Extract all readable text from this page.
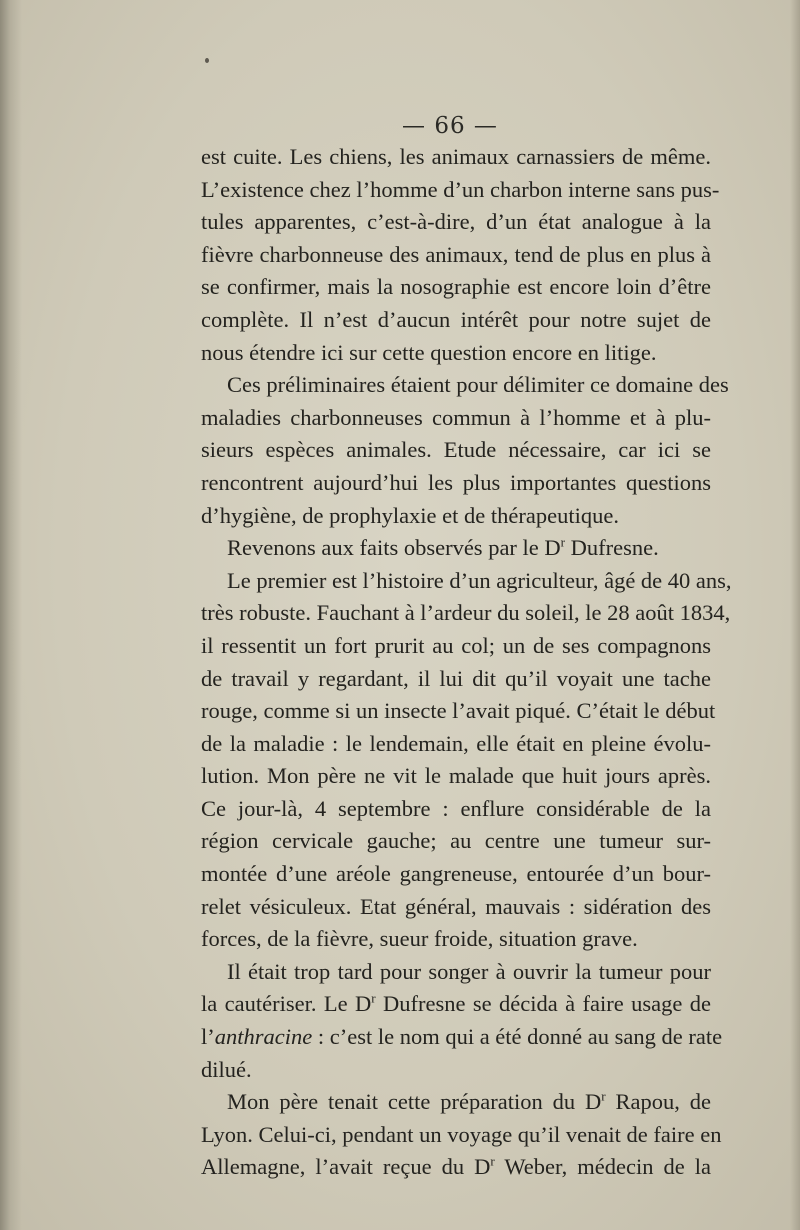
— 66 —
est cuite. Les chiens, les animaux carnassiers de même.
L’existence chez l’homme d’un charbon interne sans pus-
tules apparentes, c’est-à-dire, d’un état analogue à la
fièvre charbonneuse des animaux, tend de plus en plus à
se confirmer, mais la nosographie est encore loin d’être
complète. Il n’est d’aucun intérêt pour notre sujet de
nous étendre ici sur cette question encore en litige.
Ces préliminaires étaient pour délimiter ce domaine des
maladies charbonneuses commun à l’homme et à plu-
sieurs espèces animales. Etude nécessaire, car ici se
rencontrent aujourd’hui les plus importantes questions
d’hygiène, de prophylaxie et de thérapeutique.
Revenons aux faits observés par le $D^r$ Dufresne.
Le premier est l’histoire d’un agriculteur, âgé de 40 ans,
très robuste. Fauchant à l’ardeur du soleil, le 28 août 1834,
il ressentit un fort prurit au col; un de ses compagnons
de travail y regardant, il lui dit qu’il voyait une tache
rouge, comme si un insecte l’avait piqué. C’était le début
de la maladie : le lendemain, elle était en pleine évolu-
lution. Mon père ne vit le malade que huit jours après.
Ce jour-là, 4 septembre : enflure considérable de la
région cervicale gauche; au centre une tumeur sur-
montée d’une aréole gangreneuse, entourée d’un bour-
relet vésiculeux. Etat général, mauvais : sidération des
forces, de la fièvre, sueur froide, situation grave.
Il était trop tard pour songer à ouvrir la tumeur pour
la cautériser. Le $D^r$ Dufresne se décida à faire usage de
l’anthracine : c’est le nom qui a été donné au sang de rate
dilué.
Mon père tenait cette préparation du $D^r$ Rapou, de
Lyon. Celui-ci, pendant un voyage qu’il venait de faire en
Allemagne, l’avait reçue du $D^r$ Weber, médecin de la
